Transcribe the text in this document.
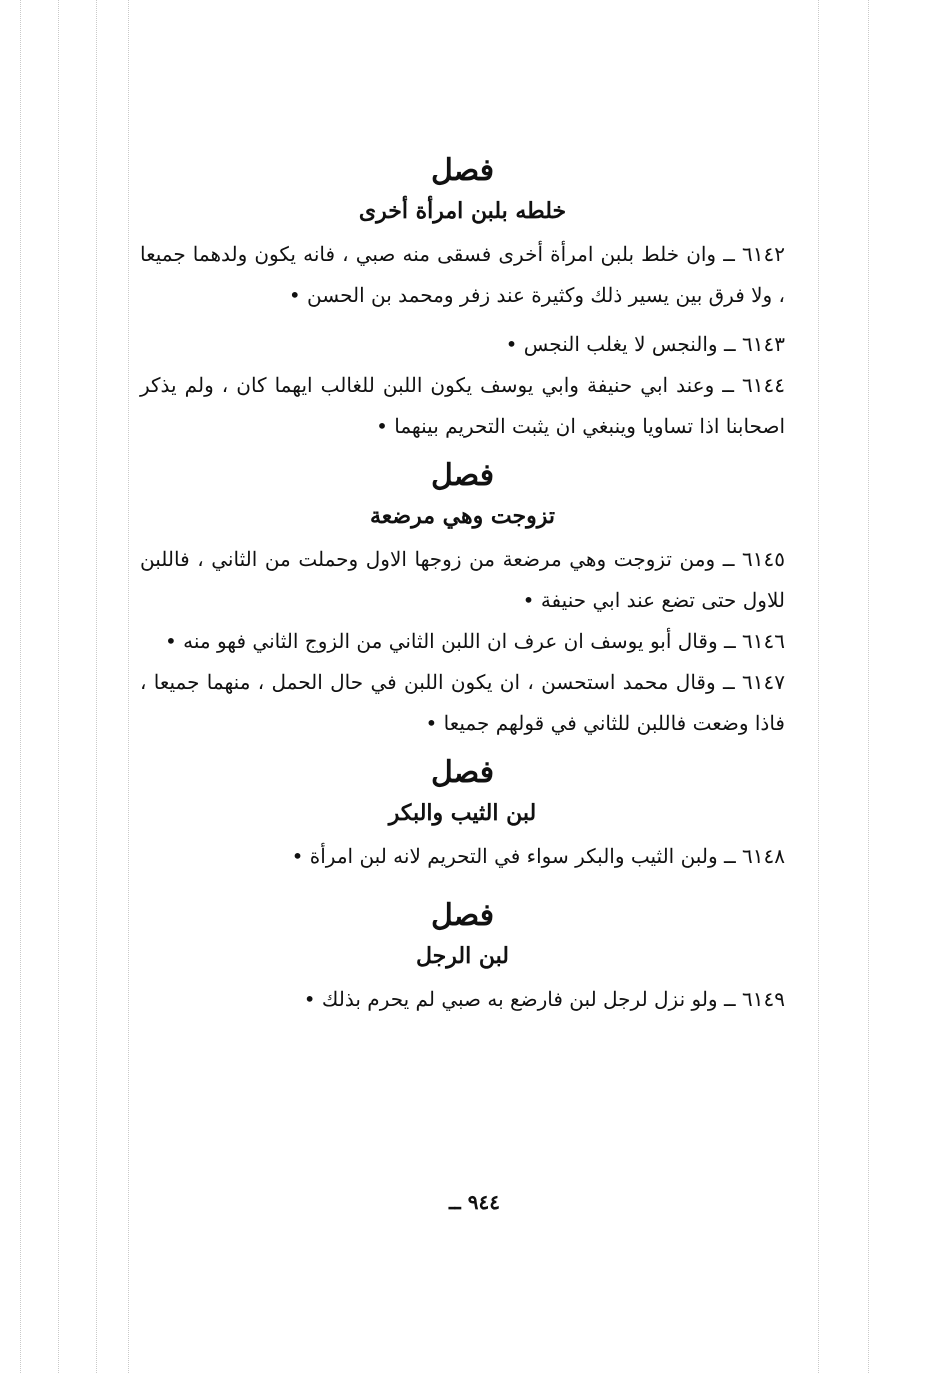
فصل
خلطه بلبن امرأة أخرى

٦١٤٢ ــ وان خلط بلبن امرأة أخرى فسقى منه صبي ، فانه يكون ولدهما جميعا ، ولا فرق بين يسير ذلك وكثيرة عند زفر ومحمد بن الحسن •

٦١٤٣ ــ والنجس لا يغلب النجس •

٦١٤٤ ــ وعند ابي حنيفة وابي يوسف يكون اللبن للغالب ايهما كان ، ولم يذكر اصحابنا اذا تساويا وينبغي ان يثبت التحريم بينهما •

فصل
تزوجت وهي مرضعة

٦١٤٥ ــ ومن تزوجت وهي مرضعة من زوجها الاول وحملت من الثاني ، فاللبن للاول حتى تضع عند ابي حنيفة •

٦١٤٦ ــ وقال أبو يوسف ان عرف ان اللبن الثاني من الزوج الثاني فهو منه •

٦١٤٧ ــ وقال محمد استحسن ، ان يكون اللبن في حال الحمل ، منهما جميعا ، فاذا وضعت فاللبن للثاني في قولهم جميعا •

فصل
لبن الثيب والبكر

٦١٤٨ ــ ولبن الثيب والبكر سواء في التحريم لانه لبن امرأة •

فصل
لبن الرجل

٦١٤٩ ــ ولو نزل لرجل لبن فارضع به صبي لم يحرم بذلك •

٩٤٤ ــ
